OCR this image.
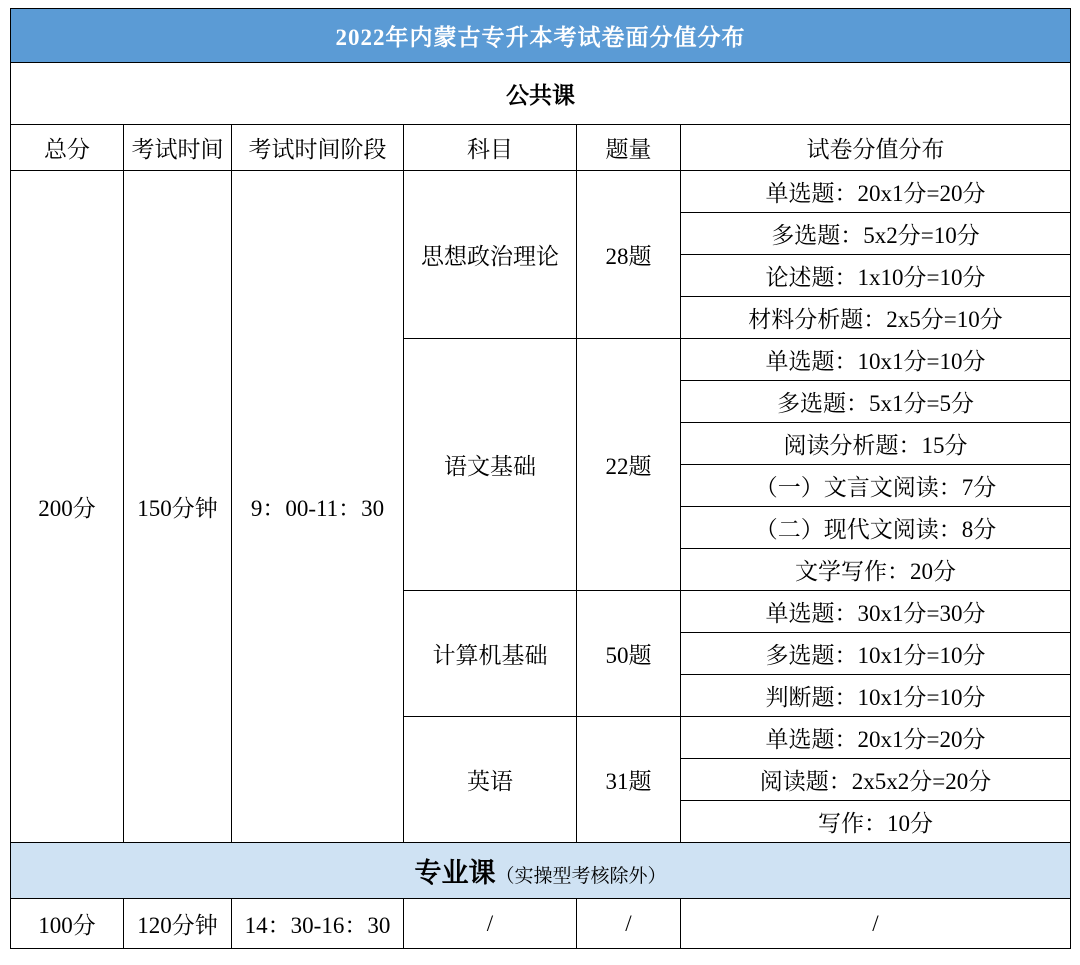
2022年内蒙古专升本考试卷面分值分布					
公共课					
总分	考试时间	考试时间阶段	科目	题量	试卷分值分布
200分	150分钟	9：00-11：30	思想政治理论	28题	单选题：20x1分=20分
					多选题：5x2分=10分
					论述题：1x10分=10分
					材料分析题：2x5分=10分
			语文基础	22题	单选题：10x1分=10分
					多选题：5x1分=5分
					阅读分析题：15分
					（一）文言文阅读：7分
					（二）现代文阅读：8分
					文学写作：20分
			计算机基础	50题	单选题：30x1分=30分
					多选题：10x1分=10分
					判断题：10x1分=10分
			英语	31题	单选题：20x1分=20分
					阅读题：2x5x2分=20分
					写作：10分
专业课（实操型考核除外）					
100分	120分钟	14：30-16：30	/	/	/
